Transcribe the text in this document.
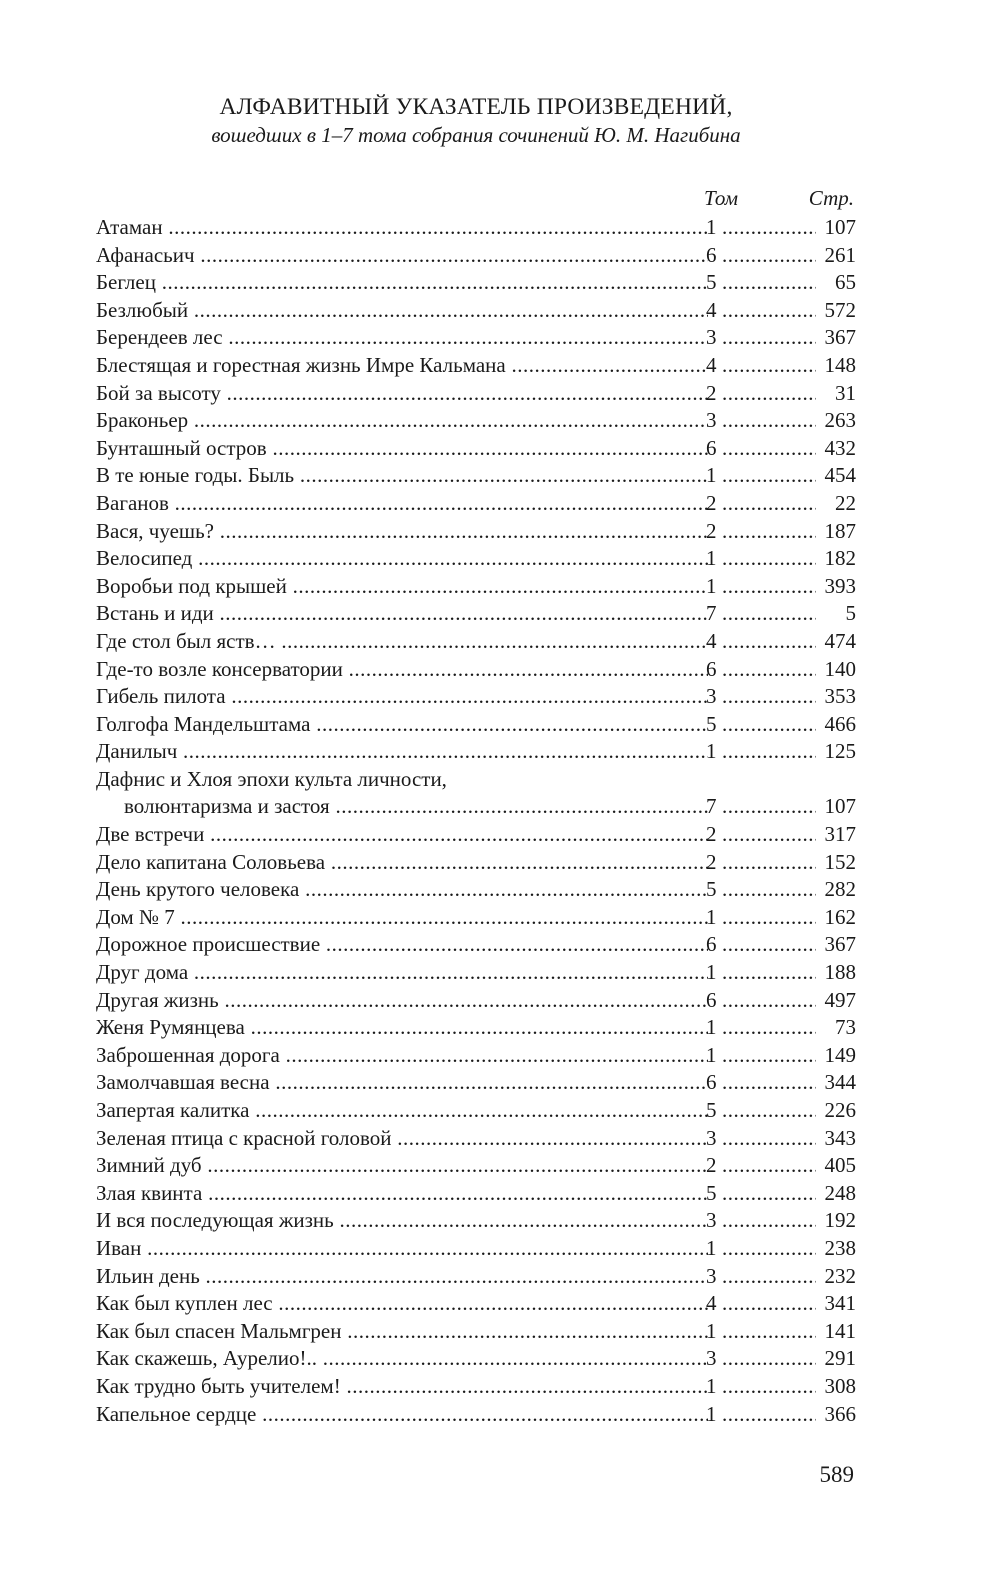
АЛФАВИТНЫЙ УКАЗАТЕЛЬ ПРОИЗВЕДЕНИЙ,
вошедших в 1–7 тома собрания сочинений Ю. М. Нагибина
Том	Стр.
Атаман .....	1 .....	107
Афанасьич .....	6 .....	261
Беглец .....	5 .....	65
Безлюбый .....	4 .....	572
Берендеев лес .....	3 .....	367
Блестящая и горестная жизнь Имре Кальмана .....	4 .....	148
Бой за высоту .....	2 .....	31
Браконьер .....	3 .....	263
Бунташный остров .....	6 .....	432
В те юные годы. Быль .....	1 .....	454
Ваганов .....	2 .....	22
Вася, чуешь? .....	2 .....	187
Велосипед .....	1 .....	182
Воробьи под крышей .....	1 .....	393
Встань и иди .....	7 .....	5
Где стол был яств… .....	4 .....	474
Где-то возле консерватории .....	6 .....	140
Гибель пилота .....	3 .....	353
Голгофа Мандельштама .....	5 .....	466
Данилыч .....	1 .....	125
Дафнис и Хлоя эпохи культа личности,
волюнтаризма и застоя .....	7 .....	107
Две встречи .....	2 .....	317
Дело капитана Соловьева .....	2 .....	152
День крутого человека .....	5 .....	282
Дом № 7 .....	1 .....	162
Дорожное происшествие .....	6 .....	367
Друг дома .....	1 .....	188
Другая жизнь .....	6 .....	497
Женя Румянцева .....	1 .....	73
Заброшенная дорога .....	1 .....	149
Замолчавшая весна .....	6 .....	344
Запертая калитка .....	5 .....	226
Зеленая птица с красной головой .....	3 .....	343
Зимний дуб .....	2 .....	405
Злая квинта .....	5 .....	248
И вся последующая жизнь .....	3 .....	192
Иван .....	1 .....	238
Ильин день .....	3 .....	232
Как был куплен лес .....	4 .....	341
Как был спасен Мальмгрен .....	1 .....	141
Как скажешь, Аурелио!.. .....	3 .....	291
Как трудно быть учителем! .....	1 .....	308
Капельное сердце .....	1 .....	366
589
